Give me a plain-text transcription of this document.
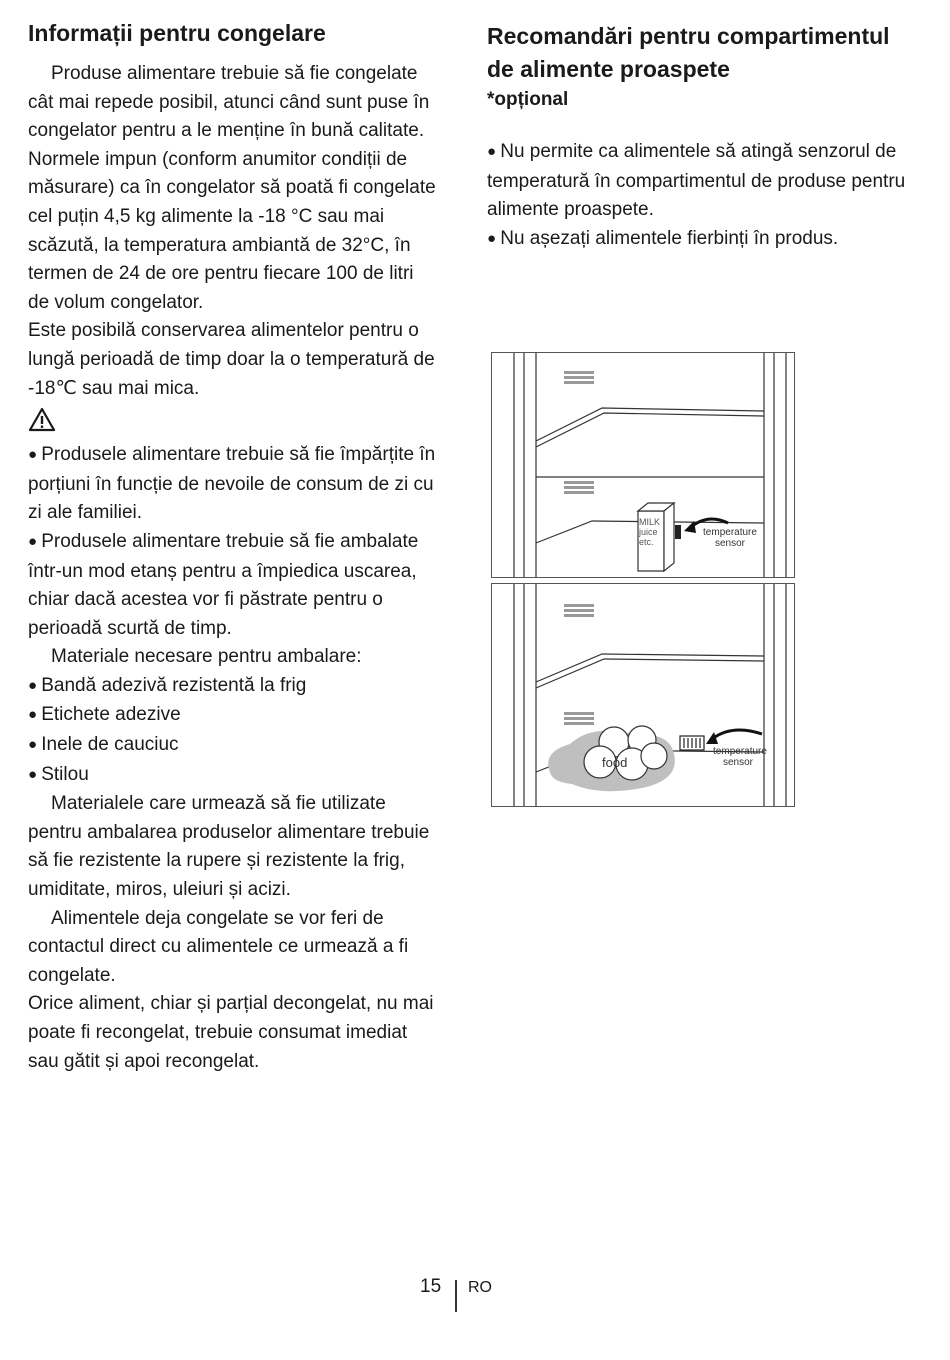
Informații pentru congelare

Produse alimentare trebuie să fie congelate cât mai repede posibil, atunci când sunt puse în congelator pentru a le menține în bună calitate.

Normele impun (conform anumitor condiții de măsurare) ca în congelator să poată fi congelate cel puțin 4,5 kg alimente la -18 °C sau mai scăzută, la temperatura ambiantă de 32°C, în termen de 24 de ore pentru fiecare 100 de litri de volum congelator.

Este posibilă conservarea alimentelor pentru o lungă perioadă de timp doar la o temperatură de -18℃ sau mai mica.

● Produsele alimentare trebuie să fie împărțite în porțiuni în funcție de nevoile de consum de zi cu zi ale familiei.
● Produsele alimentare trebuie să fie ambalate într-un mod etanș pentru a împiedica uscarea, chiar dacă acestea vor fi păstrate pentru o perioadă scurtă de timp.

Materiale necesare pentru ambalare:

● Bandă adezivă rezistentă la frig
● Etichete adezive
● Inele de cauciuc
● Stilou

Materialele care urmează să fie utilizate pentru ambalarea produselor alimentare trebuie să fie rezistente la rupere și rezistente la frig, umiditate, miros, uleiuri și acizi.

Alimentele deja congelate se vor feri de contactul direct cu alimentele ce urmează a fi congelate.

Orice aliment, chiar și parțial decongelat, nu mai poate fi recongelat, trebuie consumat imediat sau gătit și apoi recongelat.

Recomandări pentru compartimentul de alimente proaspete

*opțional

● Nu permite ca alimentele să atingă senzorul de temperatură în compartimentul de produse pentru alimente proaspete.
● Nu așezați alimentele fierbinți în produs.
MILK
juice
etc.
temperature
sensor
food
temperature
sensor
15 RO
